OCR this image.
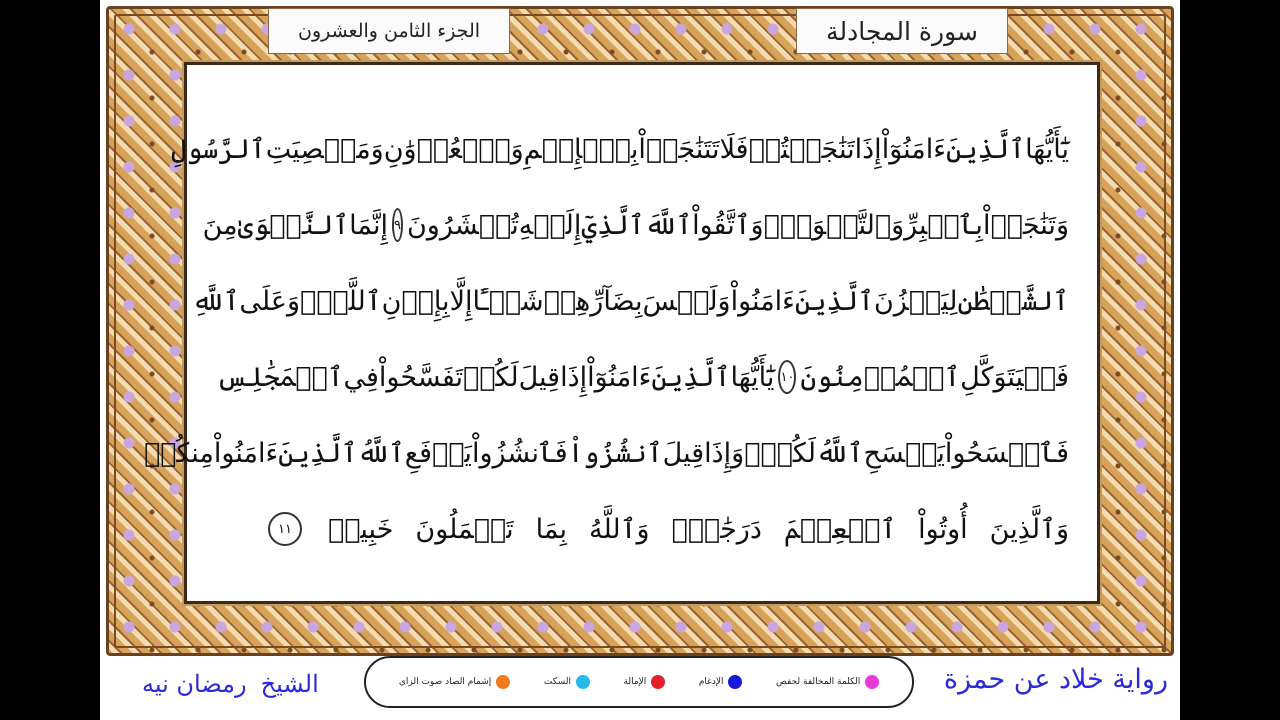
الجزء الثامن والعشرون	سورة المجادلة
يَٰٓأَيُّهَا
ٱلَّذِينَ
ءَامَنُوٓاْ
إِذَا
تَنَٰجَيۡتُمۡ
فَلَا
تَتَنَٰجَوۡاْ
بِٱلۡإِثۡمِ
وَٱلۡعُدۡوَٰنِ
وَمَعۡصِيَتِ
ٱلرَّسُولِ
وَتَنَٰجَوۡاْ
بِٱلۡبِرِّ
وَٱلتَّقۡوَىٰۖ
وَٱتَّقُواْ
ٱللَّهَ
ٱلَّذِيٓ
إِلَيۡهِ
تُحۡشَرُونَ
٩
إِنَّمَا
ٱلنَّجۡوَىٰ
مِنَ
ٱلشَّيۡطَٰنِ
لِيَحۡزُنَ
ٱلَّذِينَ
ءَامَنُواْ
وَلَيۡسَ
بِضَآرِّهِمۡ
شَيۡـًٔا
إِلَّا
بِإِذۡنِ
ٱللَّهِۚ
وَعَلَى
ٱللَّهِ
فَلۡيَتَوَكَّلِ
ٱلۡمُؤۡمِنُونَ
١٠
يَٰٓأَيُّهَا
ٱلَّذِينَ
ءَامَنُوٓاْ
إِذَا
قِيلَ
لَكُمۡ
تَفَسَّحُواْ
فِي
ٱلۡمَجَٰلِسِ
فَٱفۡسَحُواْ
يَفۡسَحِ
ٱللَّهُ
لَكُمۡۖ
وَإِذَا
قِيلَ
ٱنشُزُواْ
فَٱنشُزُواْ
يَرۡفَعِ
ٱللَّهُ
ٱلَّذِينَ
ءَامَنُواْ
مِنكُمۡ
وَٱلَّذِينَ
أُوتُواْ
ٱلۡعِلۡمَ
دَرَجَٰتٖۚ
وَٱللَّهُ
بِمَا
تَعۡمَلُونَ
خَبِيرٞ
١١
الشيخ
رمضان نيه	الكلمة المخالفة لحفص
الإدغام
الإمالة
السكت
إشمام الصاد صوت الزاي	رواية خلاد عن حمزة
